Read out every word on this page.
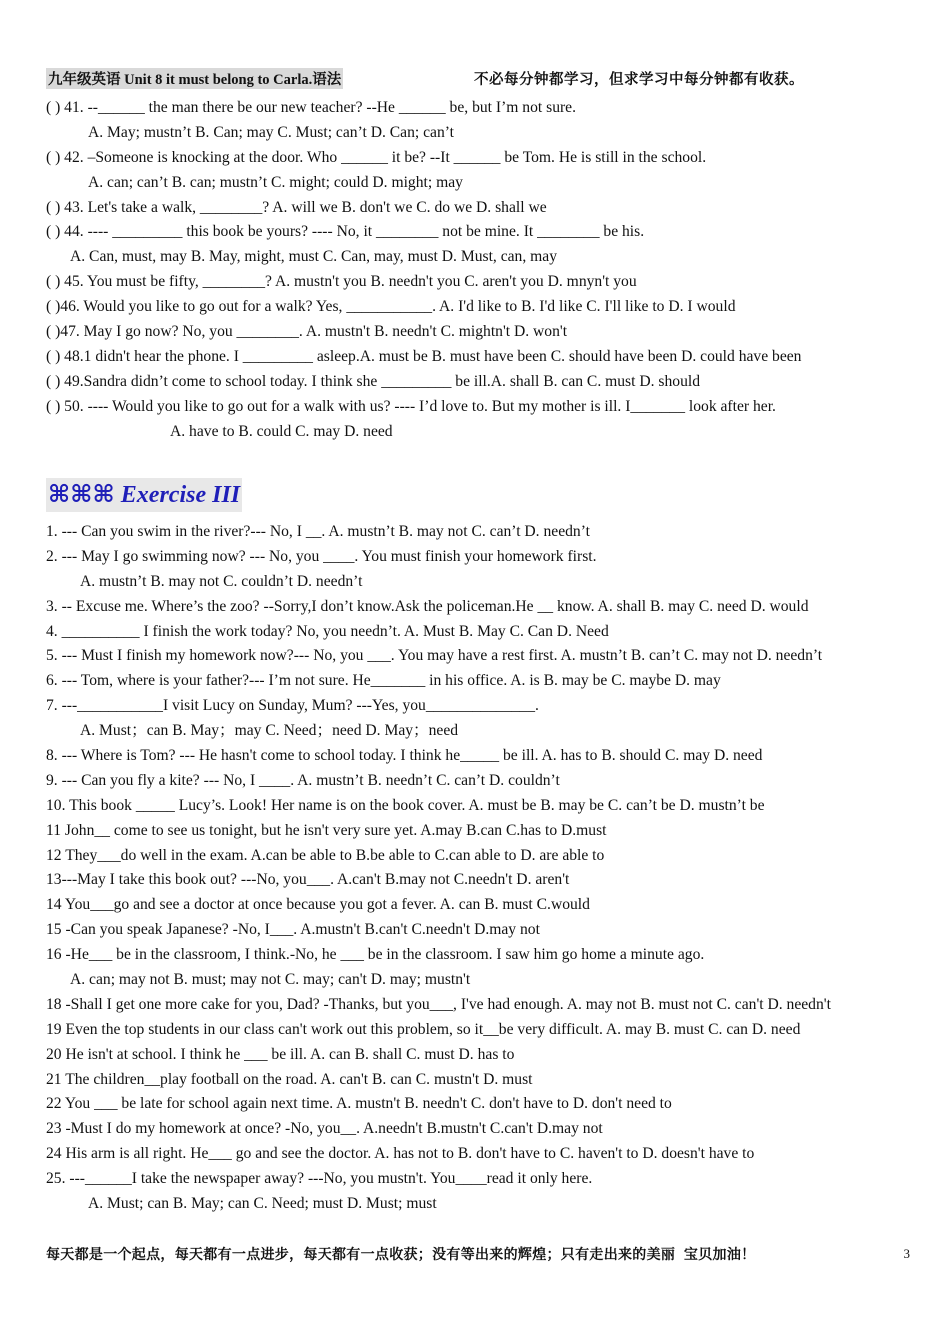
九年级英语 Unit 8 it must belong to Carla.语法	不必每分钟都学习，但求学习中每分钟都有收获。
( ) 41. --______ the man there be our new teacher? --He ______ be, but I’m not sure.
A. May; mustn’t B. Can; may C. Must; can’t D. Can; can’t
( ) 42. –Someone is knocking at the door. Who ______ it be? --It ______ be Tom. He is still in the school.
A. can; can’t B. can; mustn’t C. might; could D. might; may
( ) 43. Let's take a walk, ________? A. will we B. don't we C. do we D. shall we
( ) 44. ---- _________ this book be yours? ---- No, it ________ not be mine. It ________ be his.
A. Can, must, may B. May, might, must C. Can, may, must D. Must, can, may
( ) 45. You must be fifty, ________? A. mustn't you B. needn't you C. aren't you D. mnyn't you
( )46. Would you like to go out for a walk? Yes, ___________. A. I'd like to B. I'd like C. I'll like to D. I would
( )47. May I go now? No, you ________. A. mustn't B. needn't C. mightn't D. won't
( ) 48.1 didn't hear the phone. I _________ asleep.A. must be B. must have been C. should have been D. could have been
( ) 49.Sandra didn’t come to school today. I think she _________ be ill.A. shall B. can C. must D. should
( ) 50. ---- Would you like to go out for a walk with us? ---- I’d love to. But my mother is ill. I_______ look after her.
A. have to B. could C. may D. need
⌘⌘⌘ Exercise III
1. --- Can you swim in the river?--- No, I __. A. mustn’t B. may not C. can’t D. needn’t
2. --- May I go swimming now? --- No, you ____. You must finish your homework first.
A. mustn’t B. may not C. couldn’t D. needn’t
3. -- Excuse me. Where’s the zoo? --Sorry,I don’t know.Ask the policeman.He __ know. A. shall B. may C. need D. would
4. __________ I finish the work today? No, you needn’t. A. Must B. May C. Can D. Need
5. --- Must I finish my homework now?--- No, you ___. You may have a rest first. A. mustn’t B. can’t C. may not D. needn’t
6. --- Tom, where is your father?--- I’m not sure. He_______ in his office. A. is B. may be C. maybe D. may
7. ---___________I visit Lucy on Sunday, Mum? ---Yes, you______________.
A. Must；can B. May；may C. Need；need D. May；need
8. --- Where is Tom? --- He hasn't come to school today. I think he_____ be ill. A. has to B. should C. may D. need
9. --- Can you fly a kite? --- No, I ____. A. mustn’t B. needn’t C. can’t D. couldn’t
10. This book _____ Lucy’s. Look! Her name is on the book cover. A. must be B. may be C. can’t be D. mustn’t be
11 John__ come to see us tonight, but he isn't very sure yet. A.may B.can C.has to D.must
12 They___do well in the exam. A.can be able to B.be able to C.can able to D. are able to
13---May I take this book out? ---No, you___. A.can't B.may not C.needn't D. aren't
14 You___go and see a doctor at once because you got a fever. A. can B. must C.would
15 -Can you speak Japanese? -No, I___. A.mustn't B.can't C.needn't D.may not
16 -He___ be in the classroom, I think.-No, he ___ be in the classroom. I saw him go home a minute ago.
A. can; may not B. must; may not C. may; can't D. may; mustn't
18 -Shall I get one more cake for you, Dad? -Thanks, but you___, I've had enough. A. may not B. must not C. can't D. needn't
19 Even the top students in our class can't work out this problem, so it__be very difficult. A. may B. must C. can D. need
20 He isn't at school. I think he ___ be ill. A. can B. shall C. must D. has to
21 The children__play football on the road. A. can't B. can C. mustn't D. must
22 You ___ be late for school again next time. A. mustn't B. needn't C. don't have to D. don't need to
23 -Must I do my homework at once? -No, you__. A.needn't B.mustn't C.can't D.may not
24 His arm is all right. He___ go and see the doctor. A. has not to B. don't have to C. haven't to D. doesn't have to
25. ---______I take the newspaper away? ---No, you mustn't. You____read it only here.
A. Must; can B. May; can C. Need; must D. Must; must
每天都是一个起点，每天都有一点进步，每天都有一点收获；没有等出来的辉煌；只有走出来的美丽 宝贝加油！	3
